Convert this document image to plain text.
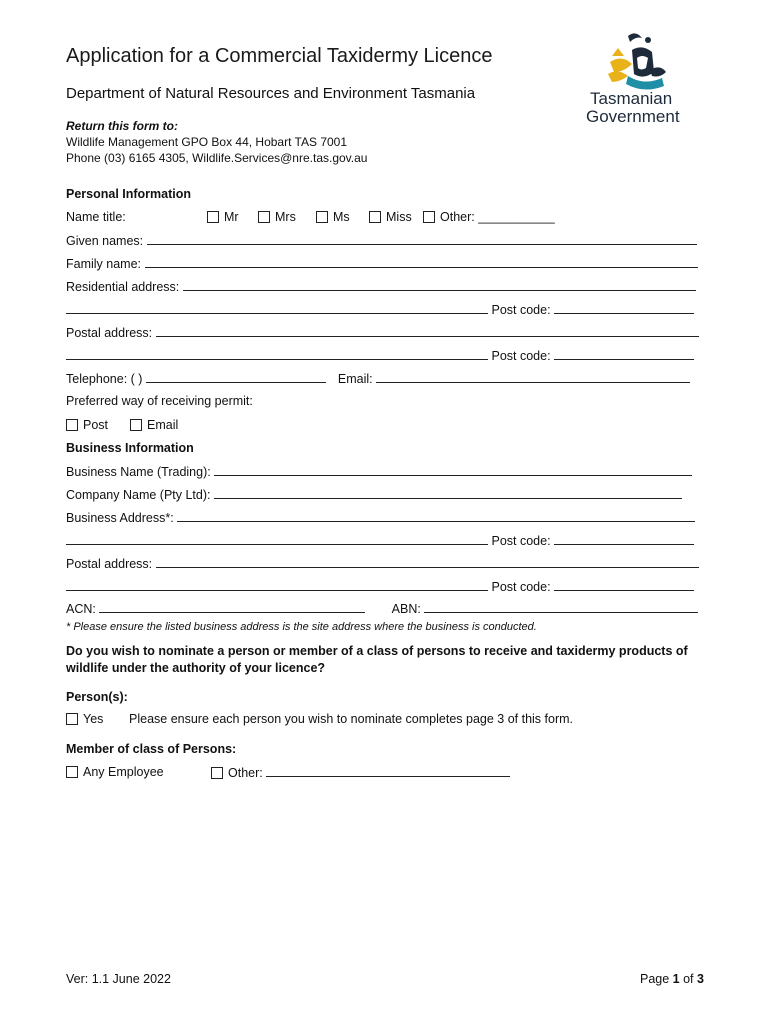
Application for a Commercial Taxidermy Licence
Department of Natural Resources and Environment Tasmania	Tasmanian
Government
Return this form to:
Wildlife Management GPO Box 44, Hobart TAS 7001
Phone (03) 6165 4305, Wildlife.Services@nre.tas.gov.au
Personal Information
Name title:	Mr	Mrs	Ms	Miss	Other: ___________
Given names:
Family name:
Residential address:
Post code:
Postal address:
Post code:
Telephone: ( )	Email:
Preferred way of receiving permit:
Post	Email
Business Information
Business Name (Trading):
Company Name (Pty Ltd):
Business Address*:
Post code:
Postal address:
Post code:
ACN:	ABN:
* Please ensure the listed business address is the site address where the business is conducted.
Do you wish to nominate a person or member of a class of persons to receive and taxidermy products of wildlife under the authority of your licence?
Person(s):
Yes Please ensure each person you wish to nominate completes page 3 of this form.
Member of class of Persons:
Any Employee	Other:
Ver: 1.1 June 2022	Page 1 of 3
